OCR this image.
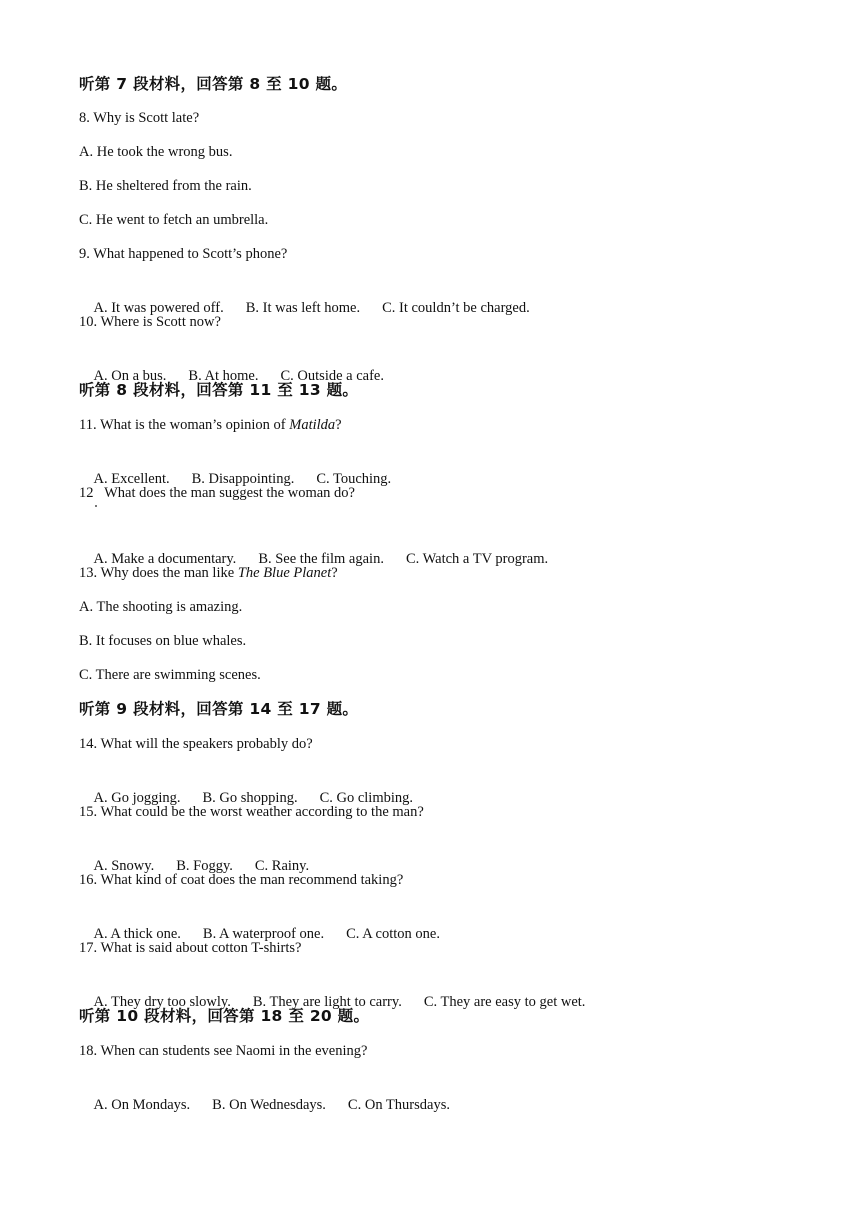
听第 7 段材料，回答第 8 至 10 题。
8. Why is Scott late?
A. He took the wrong bus.
B. He sheltered from the rain.
C. He went to fetch an umbrella.
9. What happened to Scott’s phone?

A. It was powered off. B. It was left home. C. It couldn’t be charged.

10. Where is Scott now?

A. On a bus. B. At home. C. Outside a cafe.

听第 8 段材料，回答第 11 至 13 题。
11. What is the woman’s opinion of Matilda?

A. Excellent. B. Disappointing. C. Touching.

12   What does the man suggest the woman do?

A. Make a documentary. B. See the film again. C. Watch a TV program.

13. Why does the man like The Blue Planet?
A. The shooting is amazing.
B. It focuses on blue whales.
C. There are swimming scenes.
听第 9 段材料，回答第 14 至 17 题。
14. What will the speakers probably do?

A. Go jogging. B. Go shopping. C. Go climbing.

15. What could be the worst weather according to the man?

A. Snowy. B. Foggy. C. Rainy.

16. What kind of coat does the man recommend taking?

A. A thick one. B. A waterproof one. C. A cotton one.

17. What is said about cotton T-shirts?

A. They dry too slowly. B. They are light to carry. C. They are easy to get wet.

听第 10 段材料，回答第 18 至 20 题。
18. When can students see Naomi in the evening?

A. On Mondays. B. On Wednesdays. C. On Thursdays.
